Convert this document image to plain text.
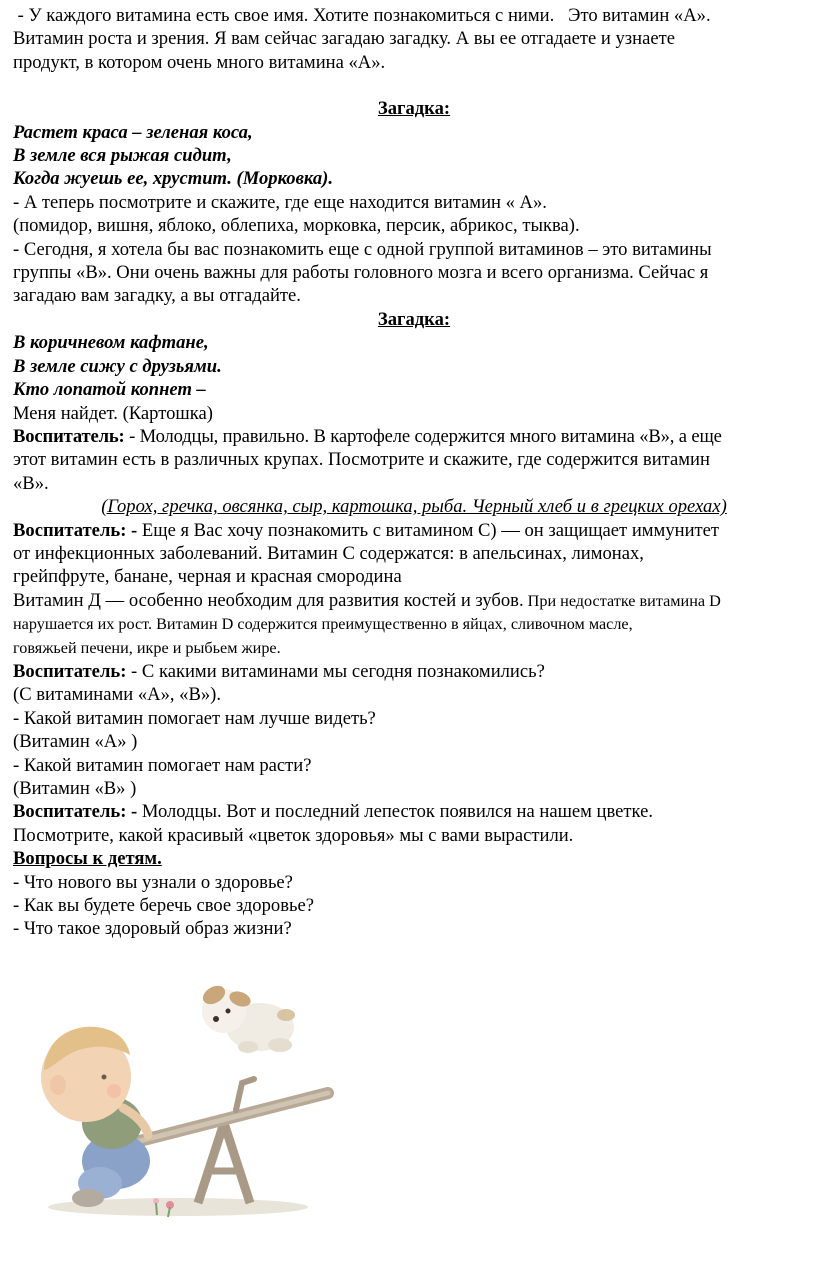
- У каждого витамина есть свое имя. Хотите познакомиться с ними.   Это витамин «А».

Витамин роста и зрения. Я вам сейчас загадаю загадку. А вы ее отгадаете и узнаете

продукт, в котором очень много витамина «А».

Загадка:

Растет краса – зеленая коса,

В земле вся рыжая сидит,

Когда жуешь ее, хрустит. (Морковка).

- А теперь посмотрите и скажите, где еще находится витамин « А».

(помидор, вишня, яблоко, облепиха, морковка, персик, абрикос, тыква).

- Сегодня, я хотела бы вас познакомить еще с одной группой витаминов – это витамины

группы «В». Они очень важны для работы головного мозга и всего организма. Сейчас я

загадаю вам загадку, а вы отгадайте.

Загадка:

В коричневом кафтане,

В земле сижу с друзьями.

Кто лопатой копнет –

Меня найдет. (Картошка)

Воспитатель: - Молодцы, правильно. В картофеле содержится много витамина «В», а еще

этот витамин есть в различных крупах. Посмотрите и скажите, где содержится витамин

«В».

(Горох, гречка, овсянка, сыр, картошка, рыба. Черный хлеб и в грецких орехах)

Воспитатель: - Еще я Вас хочу познакомить с витамином С) — он защищает иммунитет

от инфекционных заболеваний. Витамин С содержатся: в апельсинах, лимонах,

грейпфруте, банане, черная и красная смородина

Витамин Д — особенно необходим для развития костей и зубов. При недостатке витамина D

нарушается их рост. Витамин D содержится преимущественно в яйцах, сливочном масле,

говяжьей печени, икре и рыбьем жире.

Воспитатель: - С какими витаминами мы сегодня познакомились?

(С витаминами «А», «В»).

- Какой витамин помогает нам лучше видеть?

(Витамин «А» )

- Какой витамин помогает нам расти?

(Витамин «В» )

Воспитатель: - Молодцы. Вот и последний лепесток появился на нашем цветке.

Посмотрите, какой красивый «цветок здоровья» мы с вами вырастили.

Вопросы к детям.

- Что нового вы узнали о здоровье?

- Как вы будете беречь свое здоровье?

- Что такое здоровый образ жизни?
